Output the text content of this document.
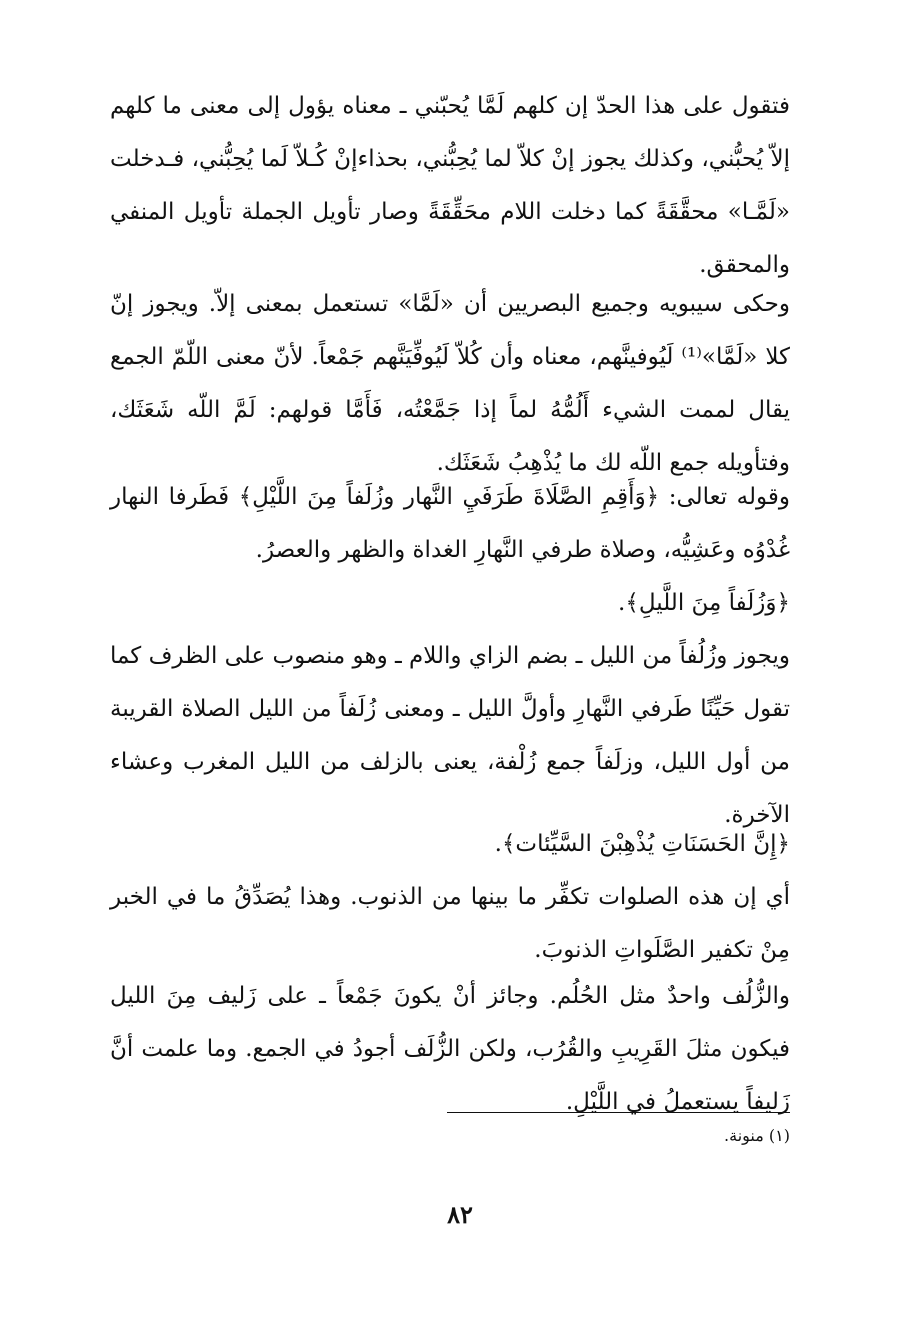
فتقول على هذا الحدّ إن كلهم لَمَّا يُحبّني ـ معناه يؤول إلى معنى ما كلهم إلاّ يُحبُّني، وكذلك يجوز إنْ كلاّ لما يُحِبُّني، بحذاءإنْ كُـلاّ لَما يُحِبُّني، فـدخلت «لَمَّـا» محقَّقَةً كما دخلت اللام محَقِّقَةً وصار تأويل الجملة تأويل المنفي والمحقق.

وحكى سيبويه وجميع البصريين أن «لَمَّا» تستعمل بمعنى إلاّ. ويجوز إنّ كلا «لَمَّا»⁽¹⁾ لَيُوفينَّهم، معناه وأن كُلاّ لَيُوفِّيَنَّهم جَمْعاً. لأنّ معنى اللّمّ الجمع يقال لممت الشيء أَلُمُّهُ لماً إذا جَمَّعْتُه، فَأَمَّا قولهم: لَمَّ اللّه شَعَثَك، وفتأويله جمع اللّه لك ما يُذْهِبُ شَعَثَك.

وقوله تعالى: ﴿وَأَقِمِ الصَّلَاةَ طَرَفَيِ النَّهار وزُلَفاً مِنَ اللَّيْلِ﴾ فَطَرفا النهار غُدْوُه وعَشِيُّه، وصلاة طرفي النَّهارِ الغداة والظهر والعصرُ.

﴿وَزُلَفاً مِنَ اللَّيلِ﴾.

ويجوز وزُلُفاً من الليل ـ بضم الزاي واللام ـ وهو منصوب على الظرف كما تقول حَيِّنًا طَرفي النَّهارِ وأولَّ الليل ـ ومعنى زُلَفاً من الليل الصلاة القريبة من أول الليل، وزلَفاً جمع زُلْفة، يعنى بالزلف من الليل المغرب وعشاء الآخرة.

﴿إِنَّ الحَسَنَاتِ يُذْهِبْنَ السَّيِّئات﴾.

أي إن هذه الصلوات تكفِّر ما بينها من الذنوب. وهذا يُصَدِّقُ ما في الخبر مِنْ تكفير الصَّلَواتِ الذنوبَ.

والزُّلُف واحدٌ مثل الحُلُم. وجائز أنْ يكونَ جَمْعاً ـ على زَليف مِنَ الليل فيكون مثلَ القَرِيبِ والقُرُب، ولكن الزُّلَف أجودُ في الجمع. وما علمت أنَّ زَليفاً يستعملُ في اللَّيْلِ.

(١) منونة.
٨٢
